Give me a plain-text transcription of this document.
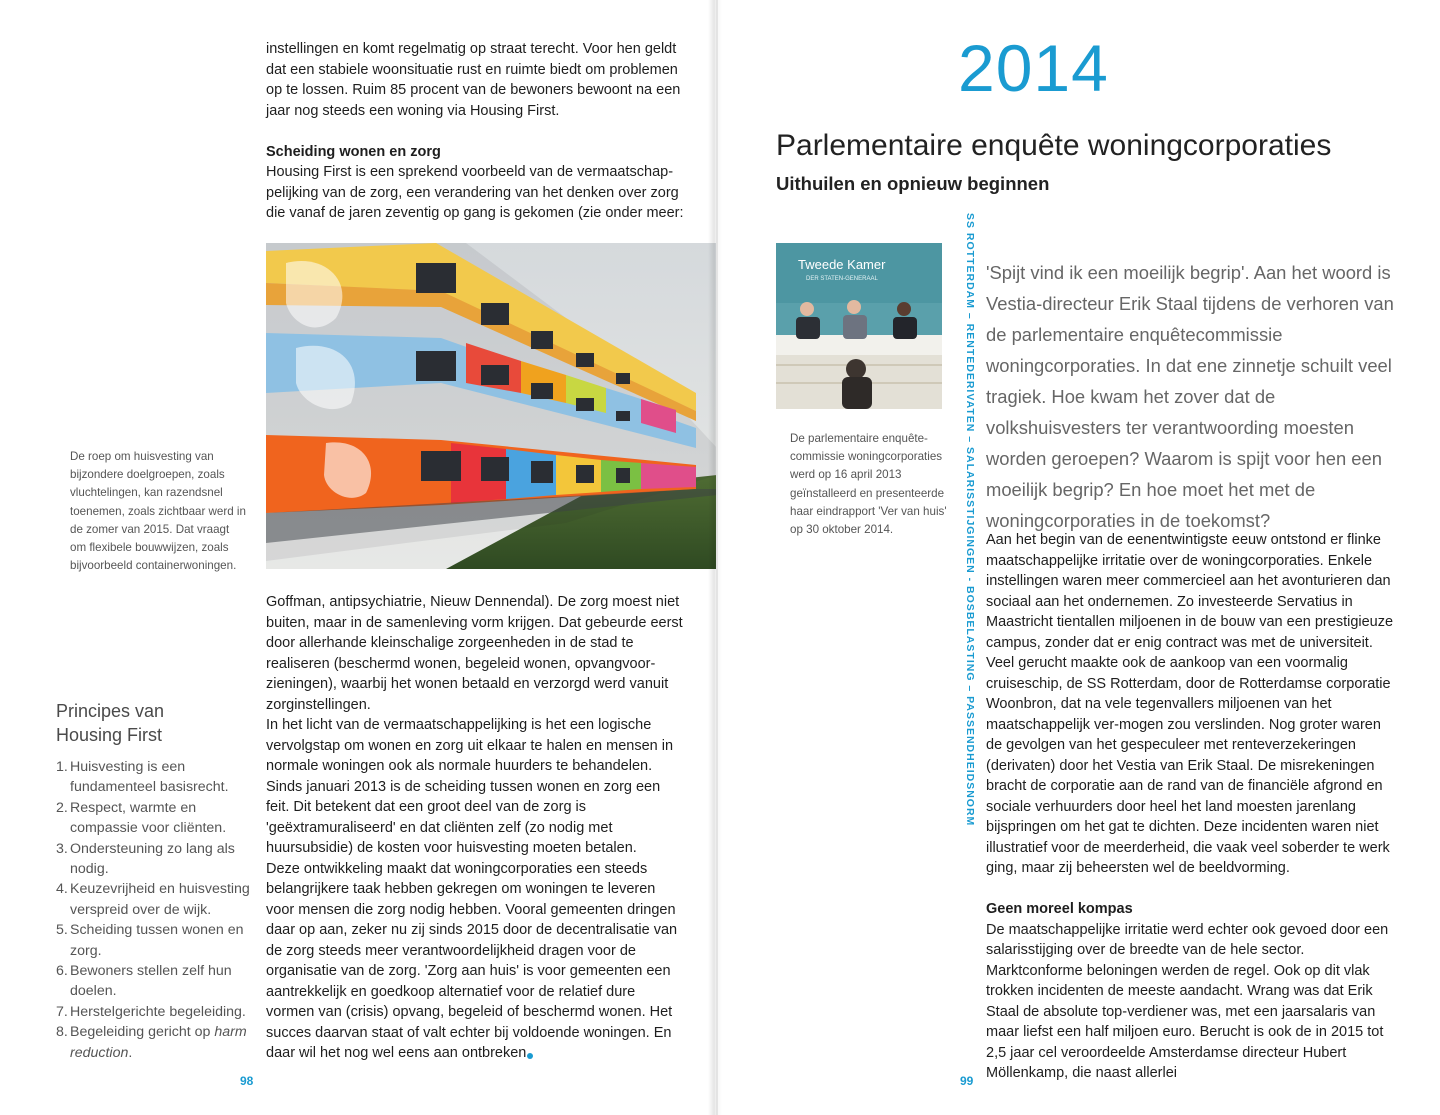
instellingen en komt regelmatig op straat terecht. Voor hen geldt dat een stabiele woonsituatie rust en ruimte biedt om problemen op te lossen. Ruim 85 procent van de bewoners bewoont na een jaar nog steeds een woning via Housing First.

Scheiding wonen en zorg

Housing First is een sprekend voorbeeld van de vermaatschap-pelijking van de zorg, een verandering van het denken over zorg die vanaf de jaren zeventig op gang is gekomen (zie onder meer:

De roep om huisvesting van bijzondere doelgroepen, zoals vluchtelingen, kan razendsnel toenemen, zoals zichtbaar werd in de zomer van 2015. Dat vraagt om flexibele bouwwijzen, zoals bijvoorbeeld containerwoningen.

Goffman, antipsychiatrie, Nieuw Dennendal). De zorg moest niet buiten, maar in de samenleving vorm krijgen. Dat gebeurde eerst door allerhande kleinschalige zorgeenheden in de stad te realiseren (beschermd wonen, begeleid wonen, opvangvoor-zieningen), waarbij het wonen betaald en verzorgd werd vanuit zorginstellingen.

In het licht van de vermaatschappelijking is het een logische vervolgstap om wonen en zorg uit elkaar te halen en mensen in normale woningen ook als normale huurders te behandelen. Sinds januari 2013 is de scheiding tussen wonen en zorg een feit. Dit betekent dat een groot deel van de zorg is 'geëxtramuraliseerd' en dat cliënten zelf (zo nodig met huursubsidie) de kosten voor huisvesting moeten betalen.

Deze ontwikkeling maakt dat woningcorporaties een steeds belangrijkere taak hebben gekregen om woningen te leveren voor mensen die zorg nodig hebben. Vooral gemeenten dringen daar op aan, zeker nu zij sinds 2015 door de decentralisatie van de zorg steeds meer verantwoordelijkheid dragen voor de organisatie van de zorg. 'Zorg aan huis' is voor gemeenten een aantrekkelijk en goedkoop alternatief voor de relatief dure vormen van (crisis) opvang, begeleid of beschermd wonen. Het succes daarvan staat of valt echter bij voldoende woningen. En daar wil het nog wel eens aan ontbreken

Principes van
Housing First
1. Huisvesting is een fundamenteel basisrecht.
2. Respect, warmte en compassie voor cliënten.
3. Ondersteuning zo lang als nodig.
4. Keuzevrijheid en huisvesting verspreid over de wijk.
5. Scheiding tussen wonen en zorg.
6. Bewoners stellen zelf hun doelen.
7. Herstelgerichte begeleiding.
8. Begeleiding gericht op harm reduction.
98
2014
Parlementaire enquête woningcorporaties
Uithuilen en opnieuw beginnen
SS ROTTERDAM – RENTEDERIVATEN – SALARISSTIJGINGEN - BOSBELASTING – PASSENDHEIDSNORM
Tweede Kamer
DER STATEN-GENERAAL
De parlementaire enquête-commissie woningcorporaties werd op 16 april 2013 geïnstalleerd en presenteerde haar eindrapport 'Ver van huis' op 30 oktober 2014.
'Spijt vind ik een moeilijk begrip'. Aan het woord is Vestia-directeur Erik Staal tijdens de verhoren van de parlementaire enquêtecommissie woningcorporaties. In dat ene zinnetje schuilt veel tragiek. Hoe kwam het zover dat de volkshuisvesters ter verantwoording moesten worden geroepen? Waarom is spijt voor hen een moeilijk begrip? En hoe moet het met de woningcorporaties in de toekomst?

Aan het begin van de eenentwintigste eeuw ontstond er flinke maatschappelijke irritatie over de woningcorporaties. Enkele instellingen waren meer commercieel aan het avonturieren dan sociaal aan het ondernemen. Zo investeerde Servatius in Maastricht tientallen miljoenen in de bouw van een prestigieuze campus, zonder dat er enig contract was met de universiteit. Veel gerucht maakte ook de aankoop van een voormalig cruiseschip, de SS Rotterdam, door de Rotterdamse corporatie Woonbron, dat na vele tegenvallers miljoenen van het maatschappelijk ver-mogen zou verslinden. Nog groter waren de gevolgen van het gespeculeer met renteverzekeringen (derivaten) door het Vestia van Erik Staal. De misrekeningen bracht de corporatie aan de rand van de financiële afgrond en sociale verhuurders door heel het land moesten jarenlang bijspringen om het gat te dichten. Deze incidenten waren niet illustratief voor de meerderheid, die vaak veel soberder te werk ging, maar zij beheersten wel de beeldvorming.

Geen moreel kompas

De maatschappelijke irritatie werd echter ook gevoed door een salarisstijging over de breedte van de hele sector. Marktconforme beloningen werden de regel. Ook op dit vlak trokken incidenten de meeste aandacht. Wrang was dat Erik Staal de absolute top-verdiener was, met een jaarsalaris van maar liefst een half miljoen euro. Berucht is ook de in 2015 tot 2,5 jaar cel veroordeelde Amsterdamse directeur Hubert Möllenkamp, die naast allerlei

99
